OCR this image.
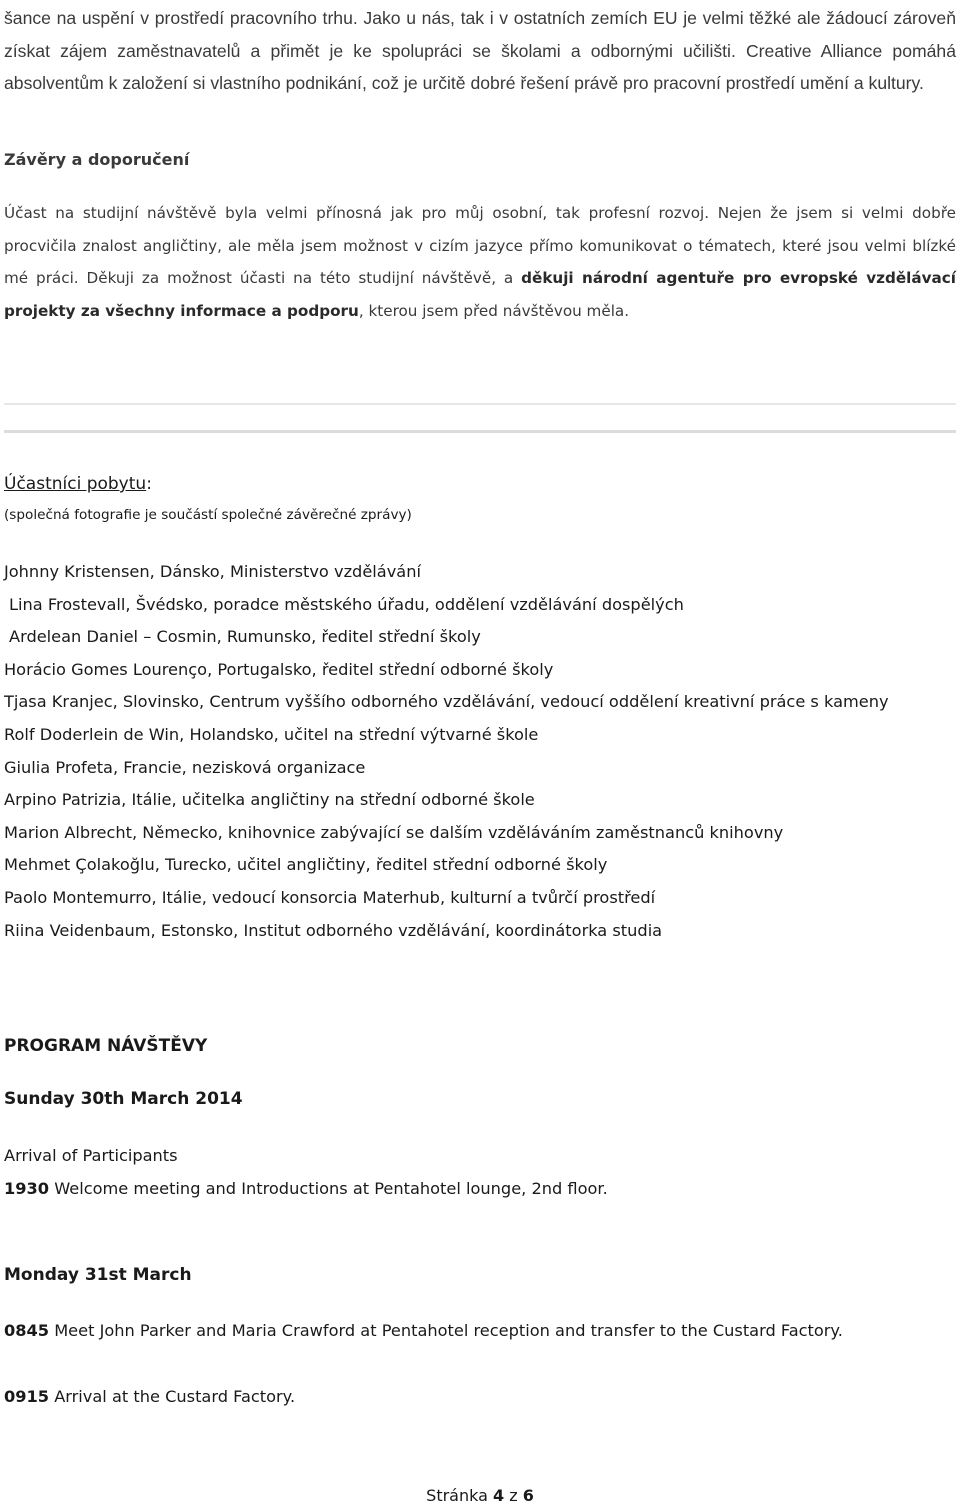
šance na uspění v prostředí pracovního trhu. Jako u nás, tak i v ostatních zemích EU je velmi těžké ale žádoucí zároveň získat zájem zaměstnavatelů a přimět je ke spolupráci se školami a odbornými učilišti. Creative Alliance pomáhá absolventům k založení si vlastního podnikání, což je určitě dobré řešení právě pro pracovní prostředí umění a kultury.
Závěry a doporučení
Účast na studijní návštěvě byla velmi přínosná jak pro můj osobní, tak profesní rozvoj. Nejen že jsem si velmi dobře procvičila znalost angličtiny, ale měla jsem možnost v cizím jazyce přímo komunikovat o tématech, které jsou velmi blízké mé práci. Děkuji za možnost účasti na této studijní návštěvě, a děkuji národní agentuře pro evropské vzdělávací projekty za všechny informace a podporu, kterou jsem před návštěvou měla.
Účastníci pobytu:
(společná fotografie je součástí společné závěrečné zprávy)
Johnny Kristensen, Dánsko, Ministerstvo vzdělávání
Lina Frostevall, Švédsko, poradce městského úřadu, oddělení vzdělávání dospělých
Ardelean Daniel – Cosmin, Rumunsko, ředitel střední školy
Horácio Gomes Lourenço, Portugalsko, ředitel střední odborné školy
Tjasa Kranjec, Slovinsko, Centrum vyššího odborného vzdělávání, vedoucí oddělení kreativní práce s kameny
Rolf Doderlein de Win, Holandsko, učitel na střední výtvarné škole
Giulia Profeta, Francie, nezisková organizace
Arpino Patrizia, Itálie, učitelka angličtiny na střední odborné škole
Marion Albrecht, Německo, knihovnice zabývající se dalším vzděláváním zaměstnanců knihovny
Mehmet Çolakoğlu, Turecko, učitel angličtiny, ředitel střední odborné školy
Paolo Montemurro, Itálie, vedoucí konsorcia Materhub, kulturní a tvůrčí prostředí
Riina Veidenbaum, Estonsko, Institut odborného vzdělávání, koordinátorka studia
PROGRAM NÁVŠTĚVY
Sunday 30th March 2014
Arrival of Participants
1930 Welcome meeting and Introductions at Pentahotel lounge, 2nd floor.
Monday 31st March
0845 Meet John Parker and Maria Crawford at Pentahotel reception and transfer to the Custard Factory.
0915 Arrival at the Custard Factory.
Stránka 4 z 6
